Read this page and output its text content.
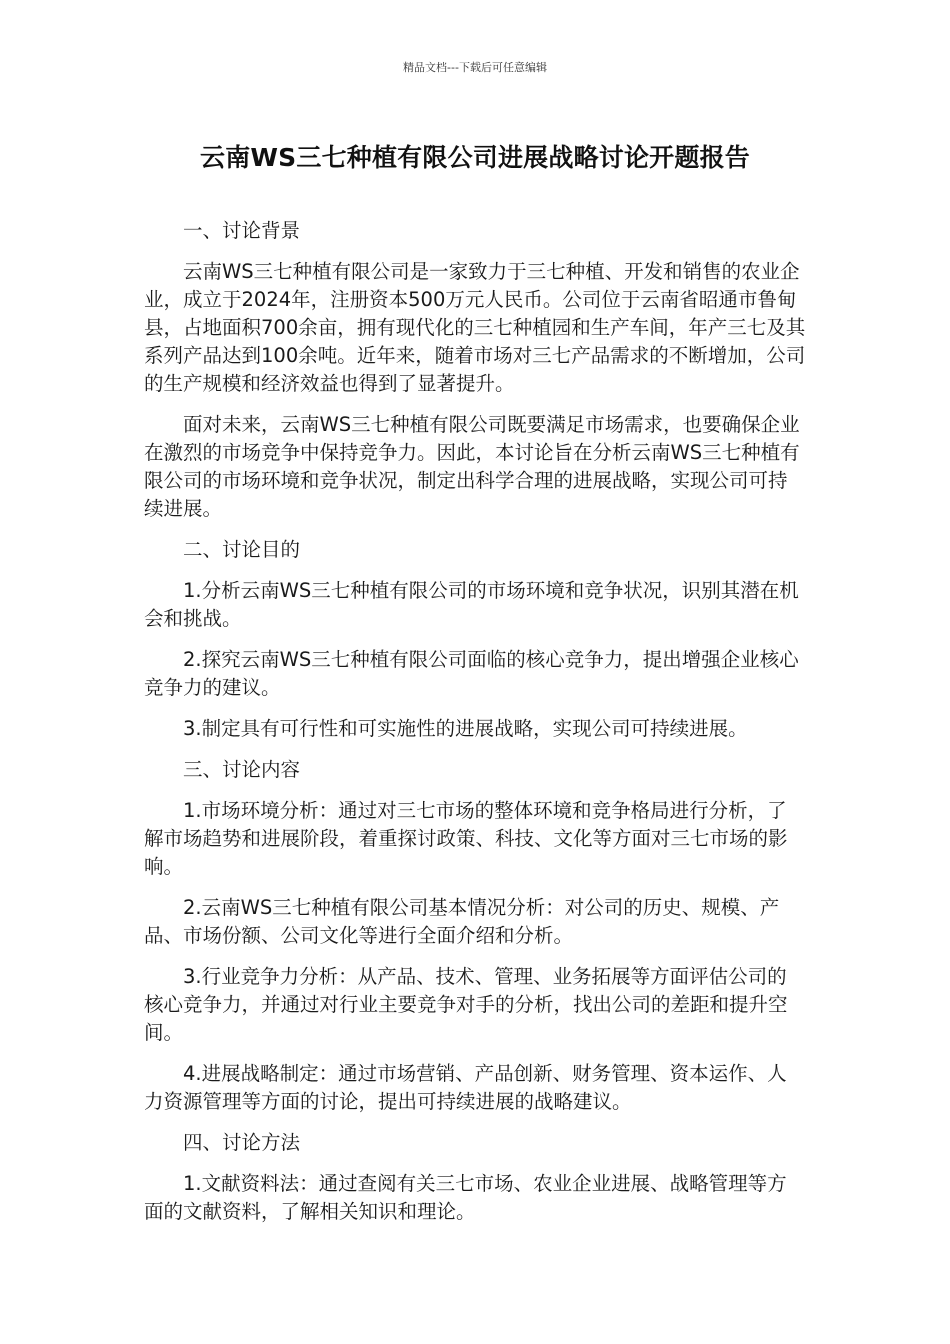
精品文档---下载后可任意编辑
云南WS三七种植有限公司进展战略讨论开题报告

一、讨论背景

云南WS三七种植有限公司是一家致力于三七种植、开发和销售的农业企业，成立于2024年，注册资本500万元人民币。公司位于云南省昭通市鲁甸县，占地面积700余亩，拥有现代化的三七种植园和生产车间，年产三七及其系列产品达到100余吨。近年来，随着市场对三七产品需求的不断增加，公司的生产规模和经济效益也得到了显著提升。

面对未来，云南WS三七种植有限公司既要满足市场需求，也要确保企业在激烈的市场竞争中保持竞争力。因此，本讨论旨在分析云南WS三七种植有限公司的市场环境和竞争状况，制定出科学合理的进展战略，实现公司可持续进展。

二、讨论目的

1.分析云南WS三七种植有限公司的市场环境和竞争状况，识别其潜在机会和挑战。

2.探究云南WS三七种植有限公司面临的核心竞争力，提出增强企业核心竞争力的建议。

3.制定具有可行性和可实施性的进展战略，实现公司可持续进展。

三、讨论内容

1.市场环境分析：通过对三七市场的整体环境和竞争格局进行分析，了解市场趋势和进展阶段，着重探讨政策、科技、文化等方面对三七市场的影响。

2.云南WS三七种植有限公司基本情况分析：对公司的历史、规模、产品、市场份额、公司文化等进行全面介绍和分析。

3.行业竞争力分析：从产品、技术、管理、业务拓展等方面评估公司的核心竞争力，并通过对行业主要竞争对手的分析，找出公司的差距和提升空间。

4.进展战略制定：通过市场营销、产品创新、财务管理、资本运作、人力资源管理等方面的讨论，提出可持续进展的战略建议。

四、讨论方法

1.文献资料法：通过查阅有关三七市场、农业企业进展、战略管理等方面的文献资料，了解相关知识和理论。
